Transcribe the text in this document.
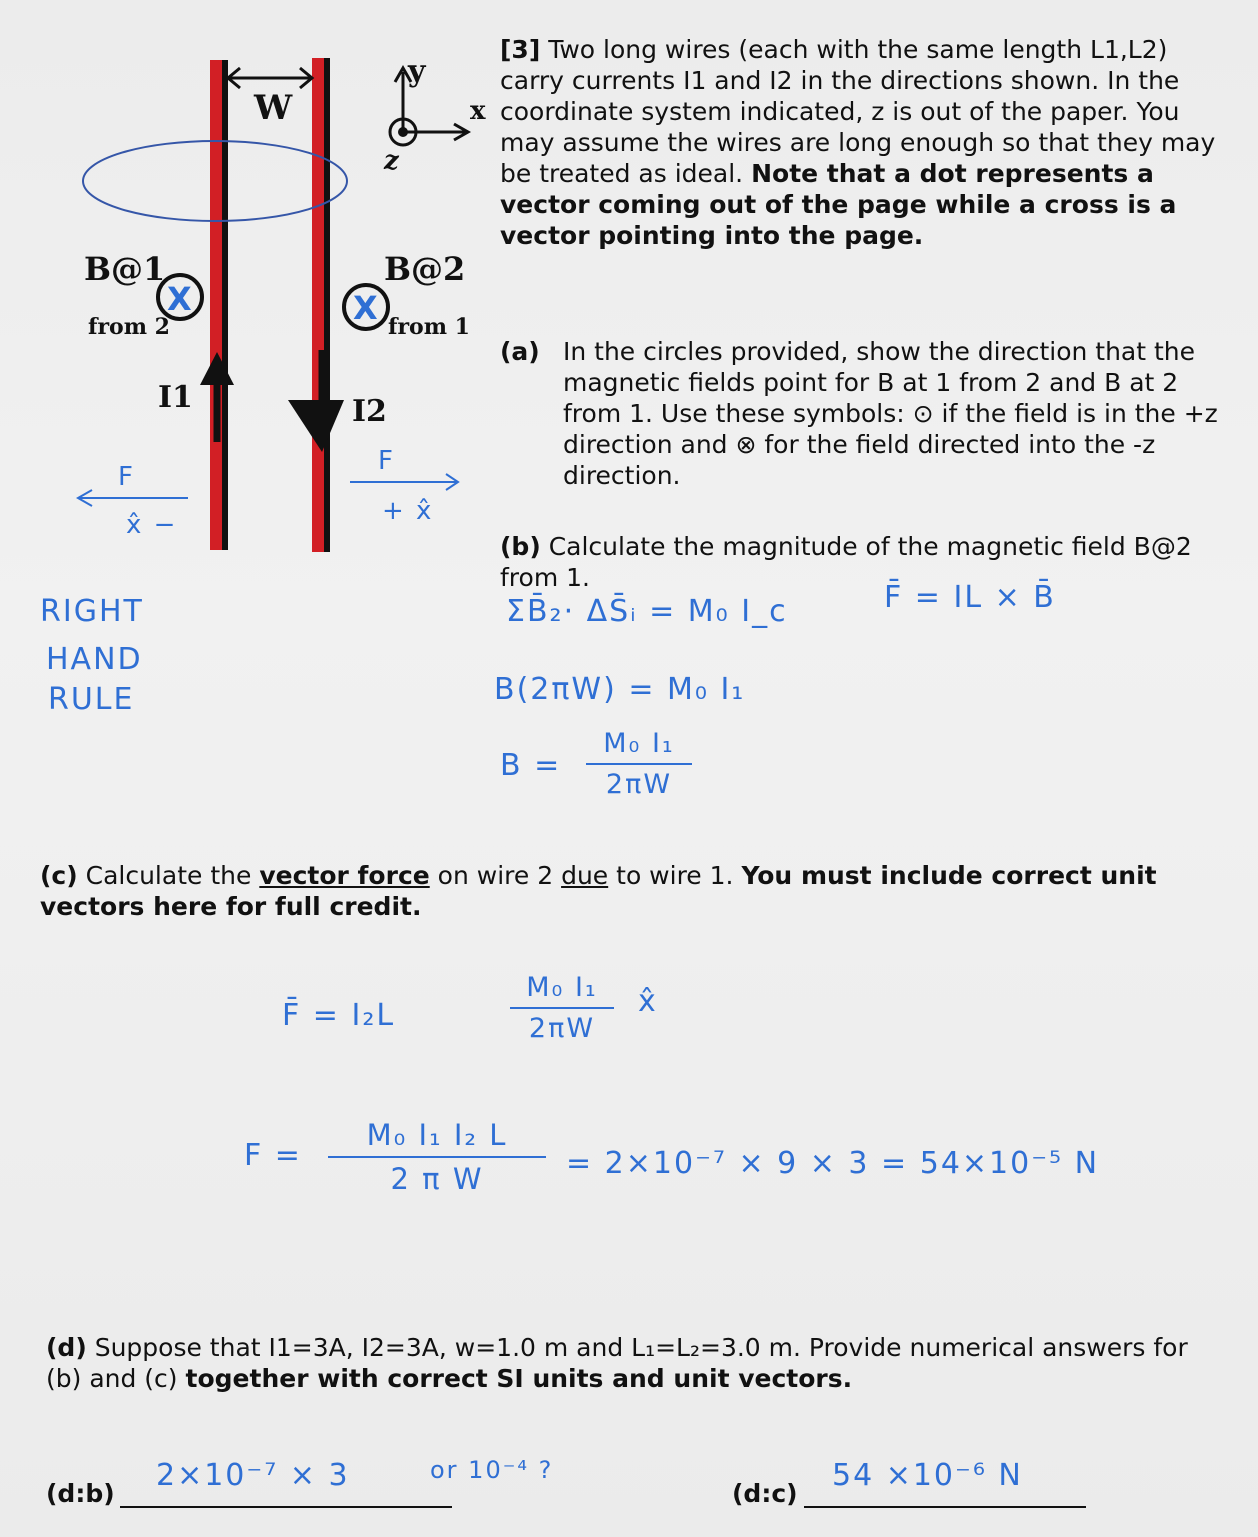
W
y
x
z
B@1
from 2
B@2
from 1
I1	I2
X	X
F
x̂ −
F
+ x̂
RIGHT
HAND
RULE
[3] Two long wires (each with the same length L1,L2) carry currents I1 and I2 in the directions shown. In the coordinate system indicated, z is out of the paper. You may assume the wires are long enough so that they may be treated as ideal. Note that a dot represents a vector coming out of the page while a cross is a vector pointing into the page.
(a) In the circles provided, show the direction that the magnetic fields point for B at 1 from 2 and B at 2 from 1. Use these symbols: ⊙ if the field is in the +z direction and ⊗ for the field directed into the -z direction.
(b) Calculate the magnitude of the magnetic field B@2 from 1.
ΣB̄₂· ΔS̄ᵢ = M₀ I_c	F̄ = IL × B̄
B(2πW) = M₀ I₁
B =
M₀ I₁
2πW
(c) Calculate the vector force on wire 2 due to wire 1. You must include correct unit vectors here for full credit.
F̄ = I₂L
M₀ I₁
2πW
x̂
F =
M₀ I₁ I₂ L
2 π W	= 2×10⁻⁷ × 9 × 3 = 54×10⁻⁵ N
(d) Suppose that I1=3A, I2=3A, w=1.0 m and L₁=L₂=3.0 m. Provide numerical answers for (b) and (c) together with correct SI units and unit vectors.
(d:b)
2×10⁻⁷ × 3	or 10⁻⁴ ?
(d:c)
54 ×10⁻⁶ N
